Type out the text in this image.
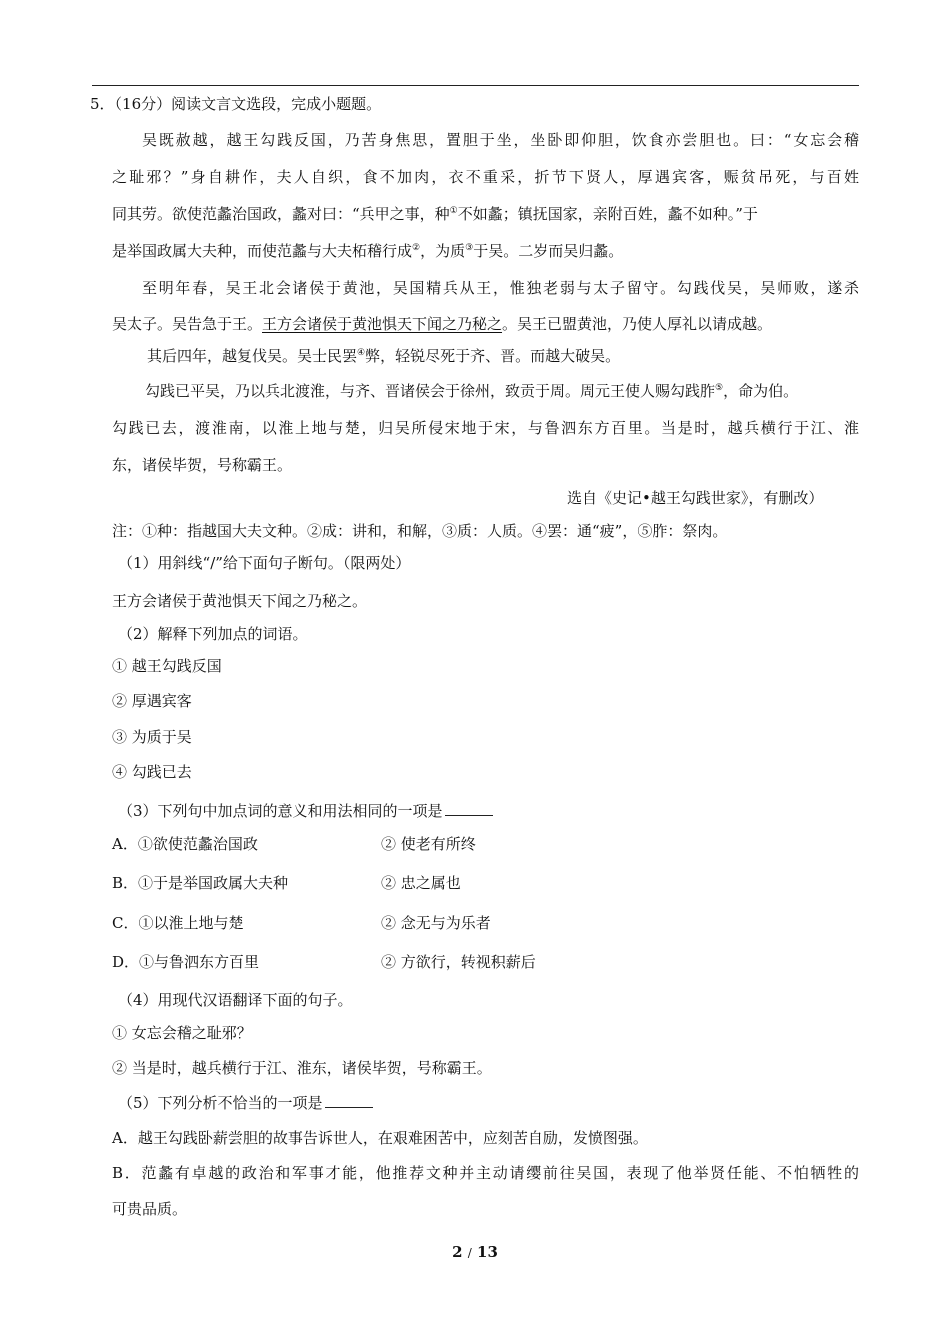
5．（16分）阅读文言文选段，完成小题题。
吴既赦越，越王勾践反国，乃苦身焦思，置胆于坐，坐卧即仰胆，饮食亦尝胆也。曰：“女忘会稽
之耻邪？”身自耕作，夫人自织，食不加肉，衣不重采，折节下贤人，厚遇宾客，赈贫吊死，与百姓
同其劳。欲使范蠡治国政，蠡对曰：“兵甲之事，种①不如蠡；镇抚国家，亲附百姓，蠡不如种。”于
是举国政属大夫种，而使范蠡与大夫柘稽行成②，为质③于吴。二岁而吴归蠡。
至明年春，吴王北会诸侯于黄池，吴国精兵从王，惟独老弱与太子留守。勾践伐吴，吴师败，遂杀
吴太子。吴告急于王。王方会诸侯于黄池惧天下闻之乃秘之。吴王已盟黄池，乃使人厚礼以请成越。
其后四年，越复伐吴。吴士民罢④弊，轻锐尽死于齐、晋。而越大破吴。
勾践已平吴，乃以兵北渡淮，与齐、晋诸侯会于徐州，致贡于周。周元王使人赐勾践胙⑤，命为伯。
勾践已去，渡淮南，以淮上地与楚，归吴所侵宋地于宋，与鲁泗东方百里。当是时，越兵横行于江、淮
东，诸侯毕贺，号称霸王。
选自《史记•越王勾践世家》，有删改）
注：①种：指越国大夫文种。②成：讲和，和解，③质：人质。④罢：通“疲”，⑤胙：祭肉。
（1）用斜线“/”给下面句子断句。（限两处）
王方会诸侯于黄池惧天下闻之乃秘之。
（2）解释下列加点的词语。
① 越王勾践反国
② 厚遇宾客
③ 为质于吴
④ 勾践已去
（3）下列句中加点词的意义和用法相同的一项是
A．①欲使范蠡治国政	② 使老有所终
B．①于是举国政属大夫种	② 忠之属也
C．①以淮上地与楚	② 念无与为乐者
D．①与鲁泗东方百里	② 方欲行，转视积薪后
（4）用现代汉语翻译下面的句子。
① 女忘会稽之耻邪？
② 当是时，越兵横行于江、淮东，诸侯毕贺，号称霸王。
（5）下列分析不恰当的一项是
A．越王勾践卧薪尝胆的故事告诉世人，在艰难困苦中，应刻苦自励，发愤图强。
B．范蠡有卓越的政治和军事才能，他推荐文种并主动请缨前往吴国，表现了他举贤任能、不怕牺牲的
可贵品质。
2 / 13
